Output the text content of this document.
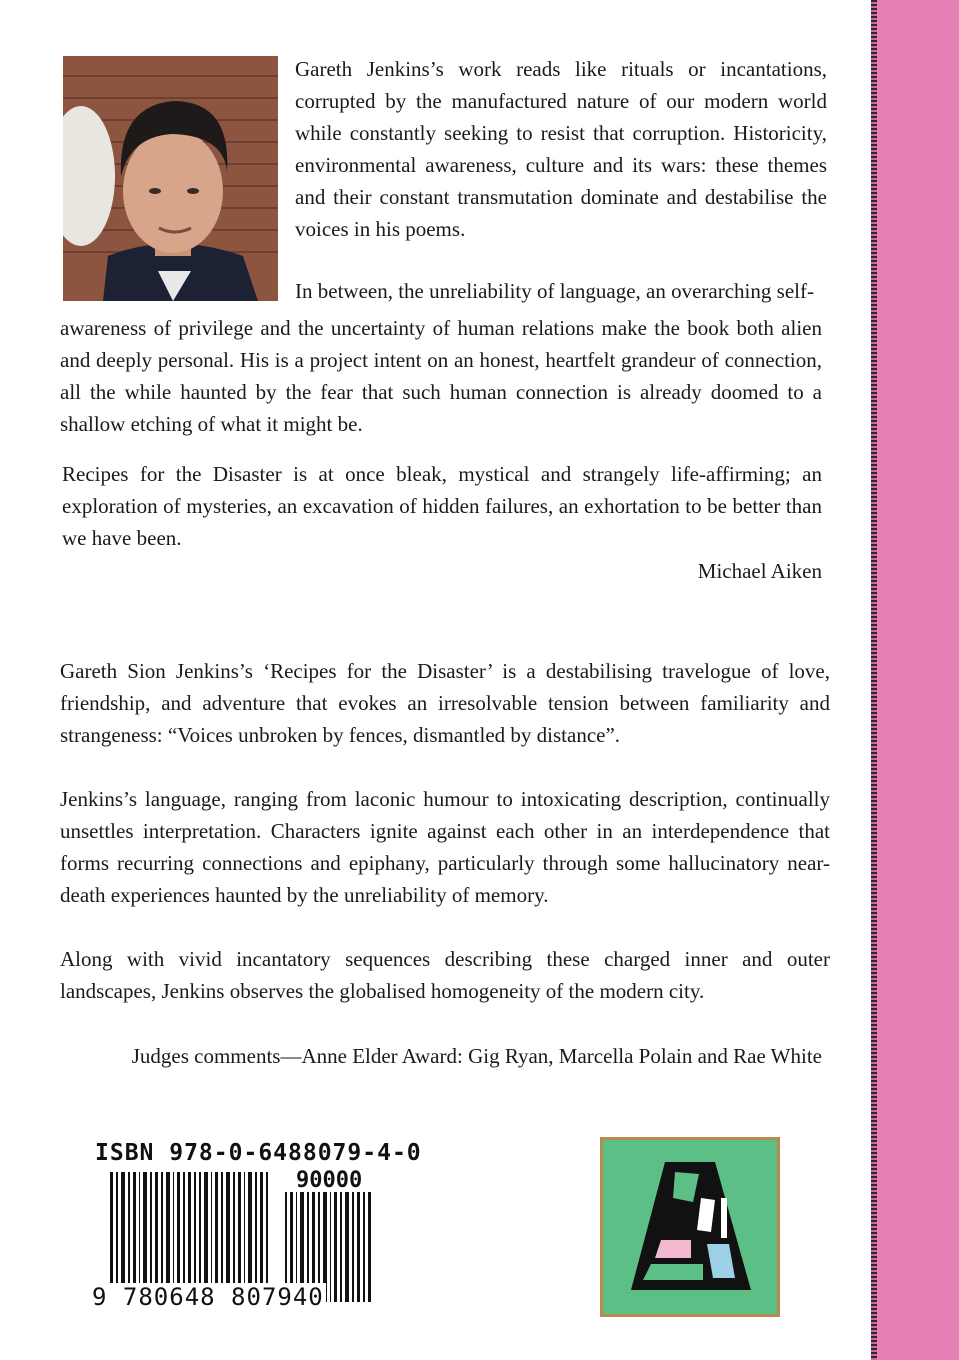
Gareth Jenkins’s work reads like rituals or incantations, corrupted by the manufactured nature of our modern world while constantly seeking to resist that corruption. Historicity, environmental awareness, culture and its wars: these themes and their constant transmutation dominate and destabilise the voices in his poems.

In between, the unreliability of language, an overarching self-

awareness of privilege and the uncertainty of human relations make the book both alien and deeply personal. His is a project intent on an honest, heartfelt grandeur of connection, all the while haunted by the fear that such human connection is already doomed to a shallow etching of what it might be.

Recipes for the Disaster is at once bleak, mystical and strangely life-affirming; an exploration of mysteries, an excavation of hidden failures, an exhortation to be better than we have been.

Michael Aiken

Gareth Sion Jenkins’s ‘Recipes for the Disaster’ is a destabilising travelogue of love, friendship, and adventure that evokes an irresolvable tension between familiarity and strangeness: “Voices unbroken by fences, dismantled by distance”.

Jenkins’s language, ranging from laconic humour to intoxicating description, continually unsettles interpretation. Characters ignite against each other in an interdependence that forms recurring connections and epiphany, particularly through some hallucinatory near-death experiences haunted by the unreliability of memory.

Along with vivid incantatory sequences describing these charged inner and outer landscapes, Jenkins observes the globalised homogeneity of the modern city.

Judges comments—Anne Elder Award: Gig Ryan, Marcella Polain and Rae White

ISBN 978-0-6488079-4-0
90000
9 780648 807940
